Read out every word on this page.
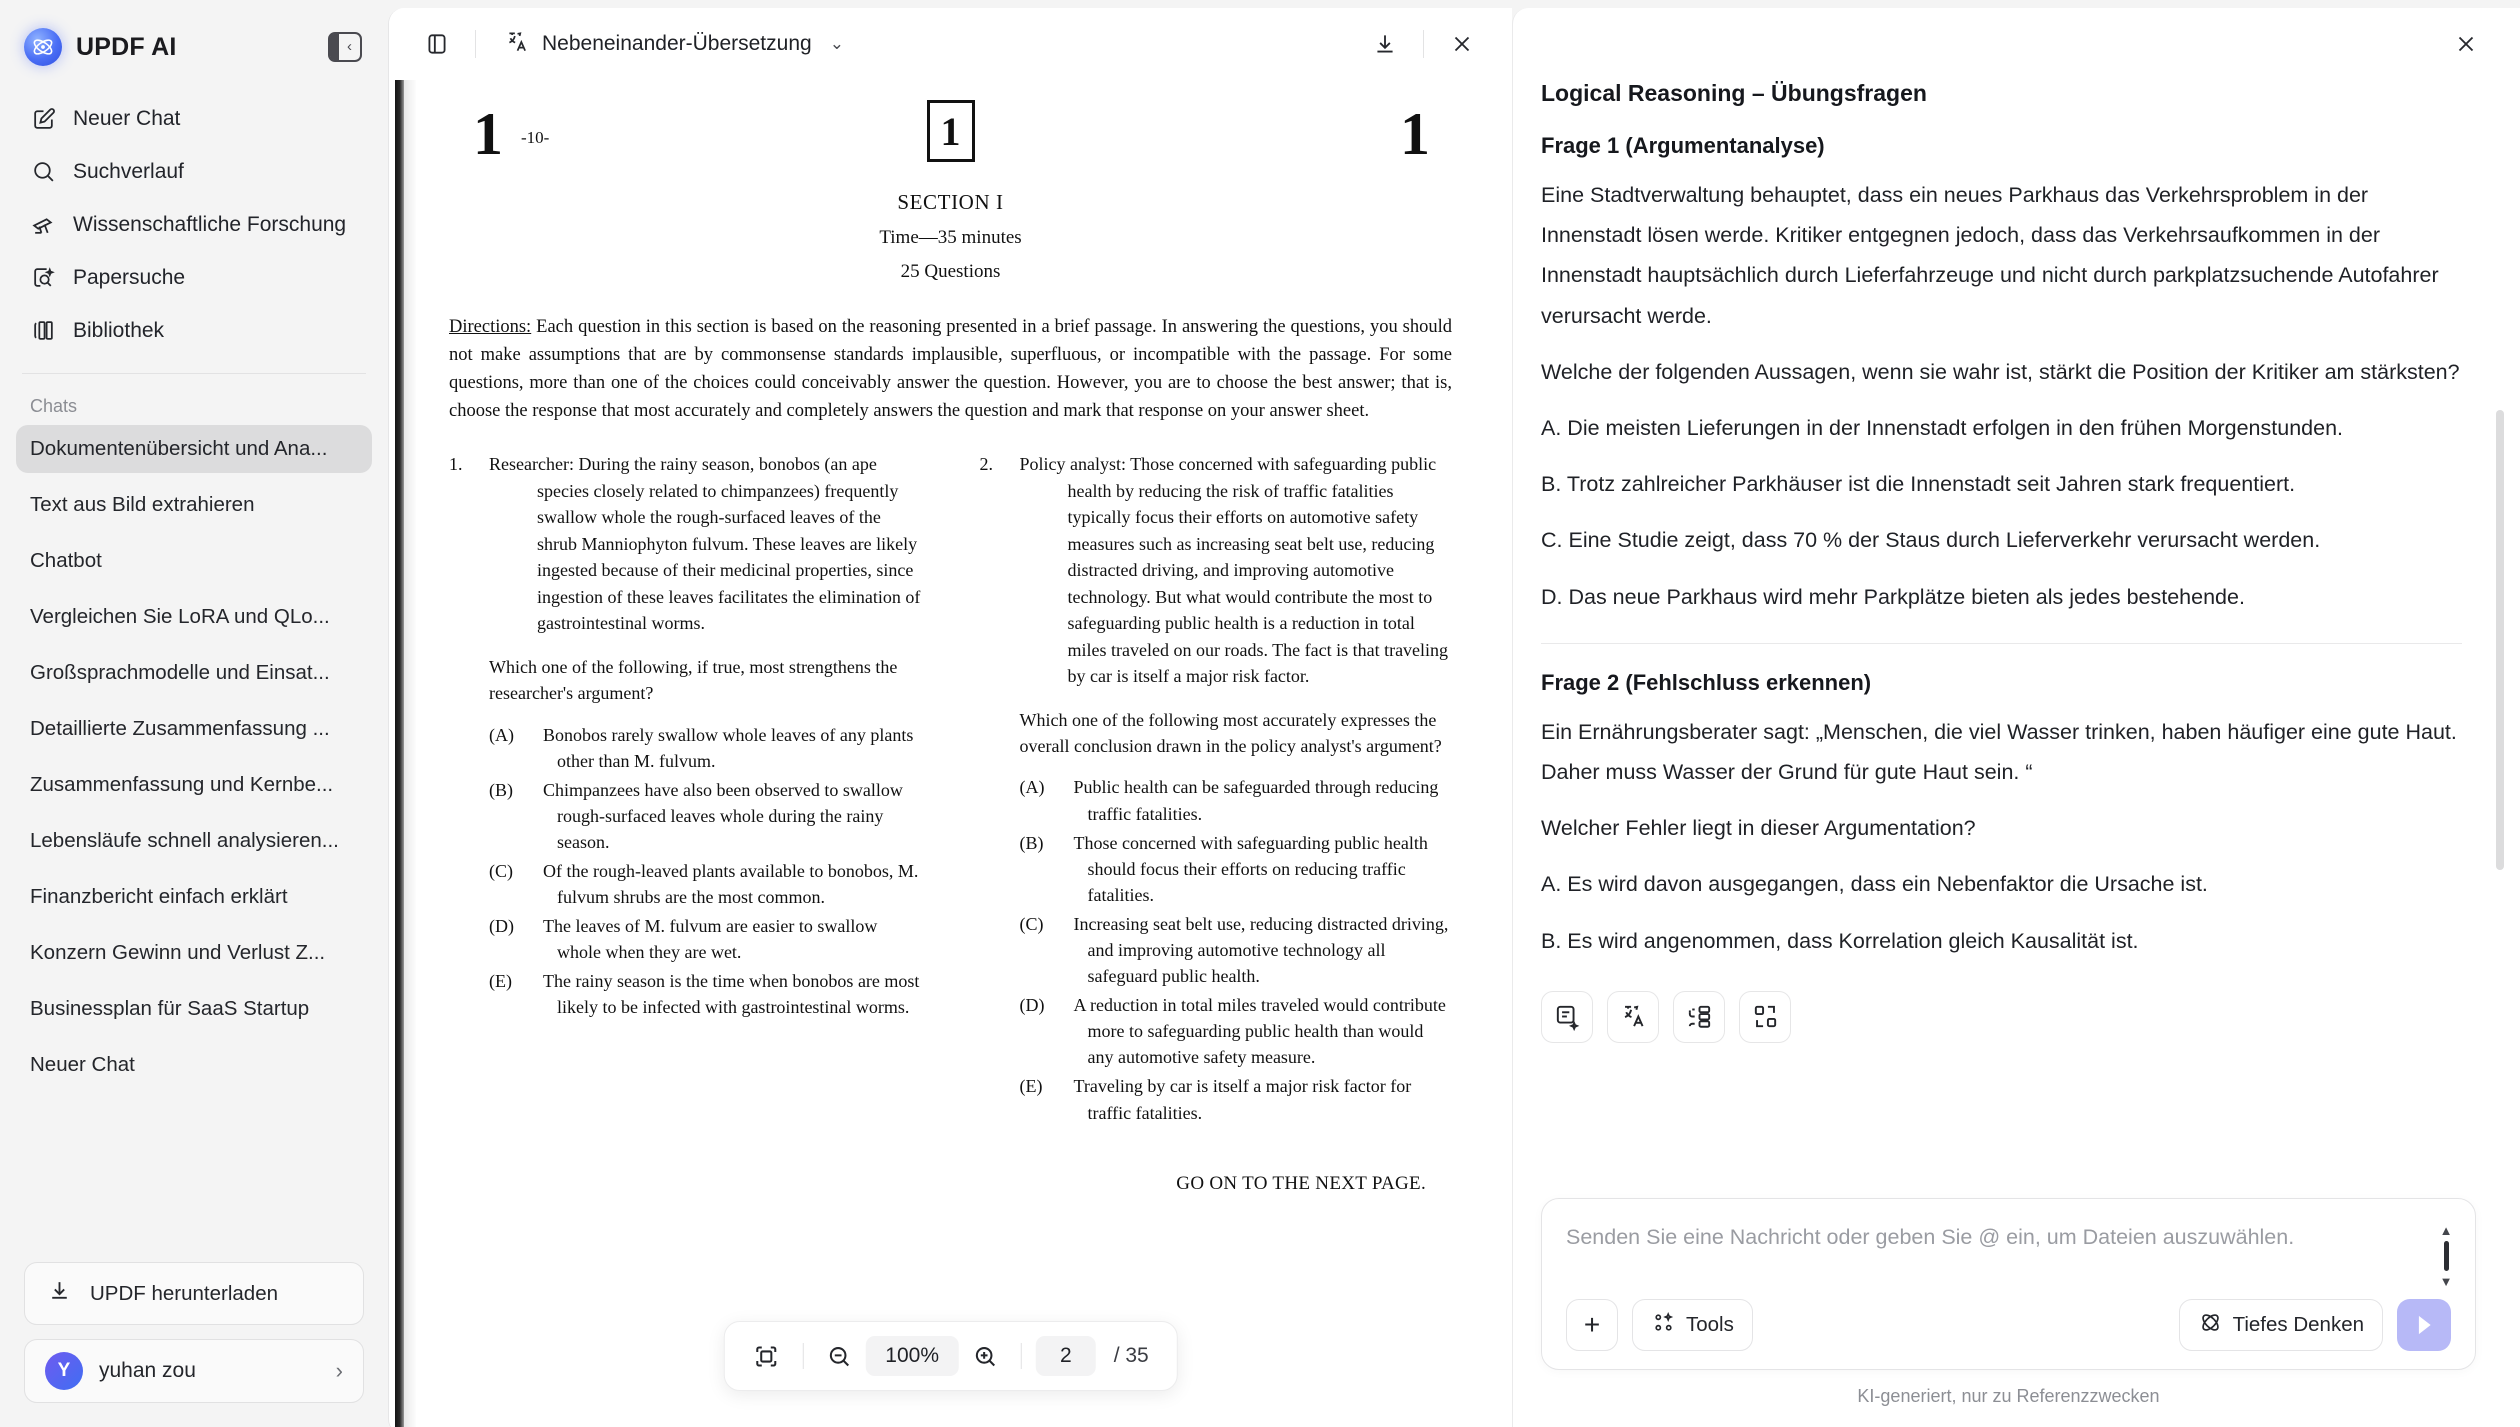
UPDF AI	‹
Neuer Chat
Suchverlauf
Wissenschaftliche Forschung
Papersuche
Bibliothek
Chats
Dokumentenübersicht und Ana...
Text aus Bild extrahieren
Chatbot
Vergleichen Sie LoRA und QLo...
Großsprachmodelle und Einsat...
Detaillierte Zusammenfassung ...
Zusammenfassung und Kernbe...
Lebensläufe schnell analysieren...
Finanzbericht einfach erklärt
Konzern Gewinn und Verlust Z...
Businessplan für SaaS Startup
Neuer Chat
UPDF herunterladen
Y	yuhan zou	›
Nebeneinander-Übersetzung ⌄
1 -10-	1	1
SECTION I
Time—35 minutes
25 Questions

Directions: Each question in this section is based on the reasoning presented in a brief passage. In answering the questions, you should not make assumptions that are by commonsense standards implausible, superfluous, or incompatible with the passage. For some questions, more than one of the choices could conceivably answer the question. However, you are to choose the best answer; that is, choose the response that most accurately and completely answers the question and mark that response on your answer sheet.

1.	Researcher: During the rainy season, bonobos (an ape species closely related to chimpanzees) frequently swallow whole the rough-surfaced leaves of the shrub Manniophyton fulvum. These leaves are likely ingested because of their medicinal properties, since ingestion of these leaves facilitates the elimination of gastrointestinal worms.
Which one of the following, if true, most strengthens the researcher's argument?
(A)	Bonobos rarely swallow whole leaves of any plants other than M. fulvum.
(B)	Chimpanzees have also been observed to swallow rough-surfaced leaves whole during the rainy season.
(C)	Of the rough-leaved plants available to bonobos, M. fulvum shrubs are the most common.
(D)	The leaves of M. fulvum are easier to swallow whole when they are wet.
(E)	The rainy season is the time when bonobos are most likely to be infected with gastrointestinal worms.
2.	Policy analyst: Those concerned with safeguarding public health by reducing the risk of traffic fatalities typically focus their efforts on automotive safety measures such as increasing seat belt use, reducing distracted driving, and improving automotive technology. But what would contribute the most to safeguarding public health is a reduction in total miles traveled on our roads. The fact is that traveling by car is itself a major risk factor.
Which one of the following most accurately expresses the overall conclusion drawn in the policy analyst's argument?
(A)	Public health can be safeguarded through reducing traffic fatalities.
(B)	Those concerned with safeguarding public health should focus their efforts on reducing traffic fatalities.
(C)	Increasing seat belt use, reducing distracted driving, and improving automotive technology all safeguard public health.
(D)	A reduction in total miles traveled would contribute more to safeguarding public health than would any automotive safety measure.
(E)	Traveling by car is itself a major risk factor for traffic fatalities.
GO ON TO THE NEXT PAGE.
100%	2	/ 35
Logical Reasoning – Übungsfragen
Frage 1 (Argumentanalyse)

Eine Stadtverwaltung behauptet, dass ein neues Parkhaus das Verkehrsproblem in der Innenstadt lösen werde. Kritiker entgegnen jedoch, dass das Verkehrsaufkommen in der Innenstadt hauptsächlich durch Lieferfahrzeuge und nicht durch parkplatzsuchende Autofahrer verursacht werde.

Welche der folgenden Aussagen, wenn sie wahr ist, stärkt die Position der Kritiker am stärksten?

A. Die meisten Lieferungen in der Innenstadt erfolgen in den frühen Morgenstunden.

B. Trotz zahlreicher Parkhäuser ist die Innenstadt seit Jahren stark frequentiert.

C. Eine Studie zeigt, dass 70 % der Staus durch Lieferverkehr verursacht werden.

D. Das neue Parkhaus wird mehr Parkplätze bieten als jedes bestehende.

Frage 2 (Fehlschluss erkennen)

Ein Ernährungsberater sagt: „Menschen, die viel Wasser trinken, haben häufiger eine gute Haut. Daher muss Wasser der Grund für gute Haut sein. “

Welcher Fehler liegt in dieser Argumentation?

A. Es wird davon ausgegangen, dass ein Nebenfaktor die Ursache ist.

B. Es wird angenommen, dass Korrelation gleich Kausalität ist.

Senden Sie eine Nachricht oder geben Sie @ ein, um Dateien auszuwählen.	▲
▼
+	Tools	Tiefes Denken
KI-generiert, nur zu Referenzzwecken
